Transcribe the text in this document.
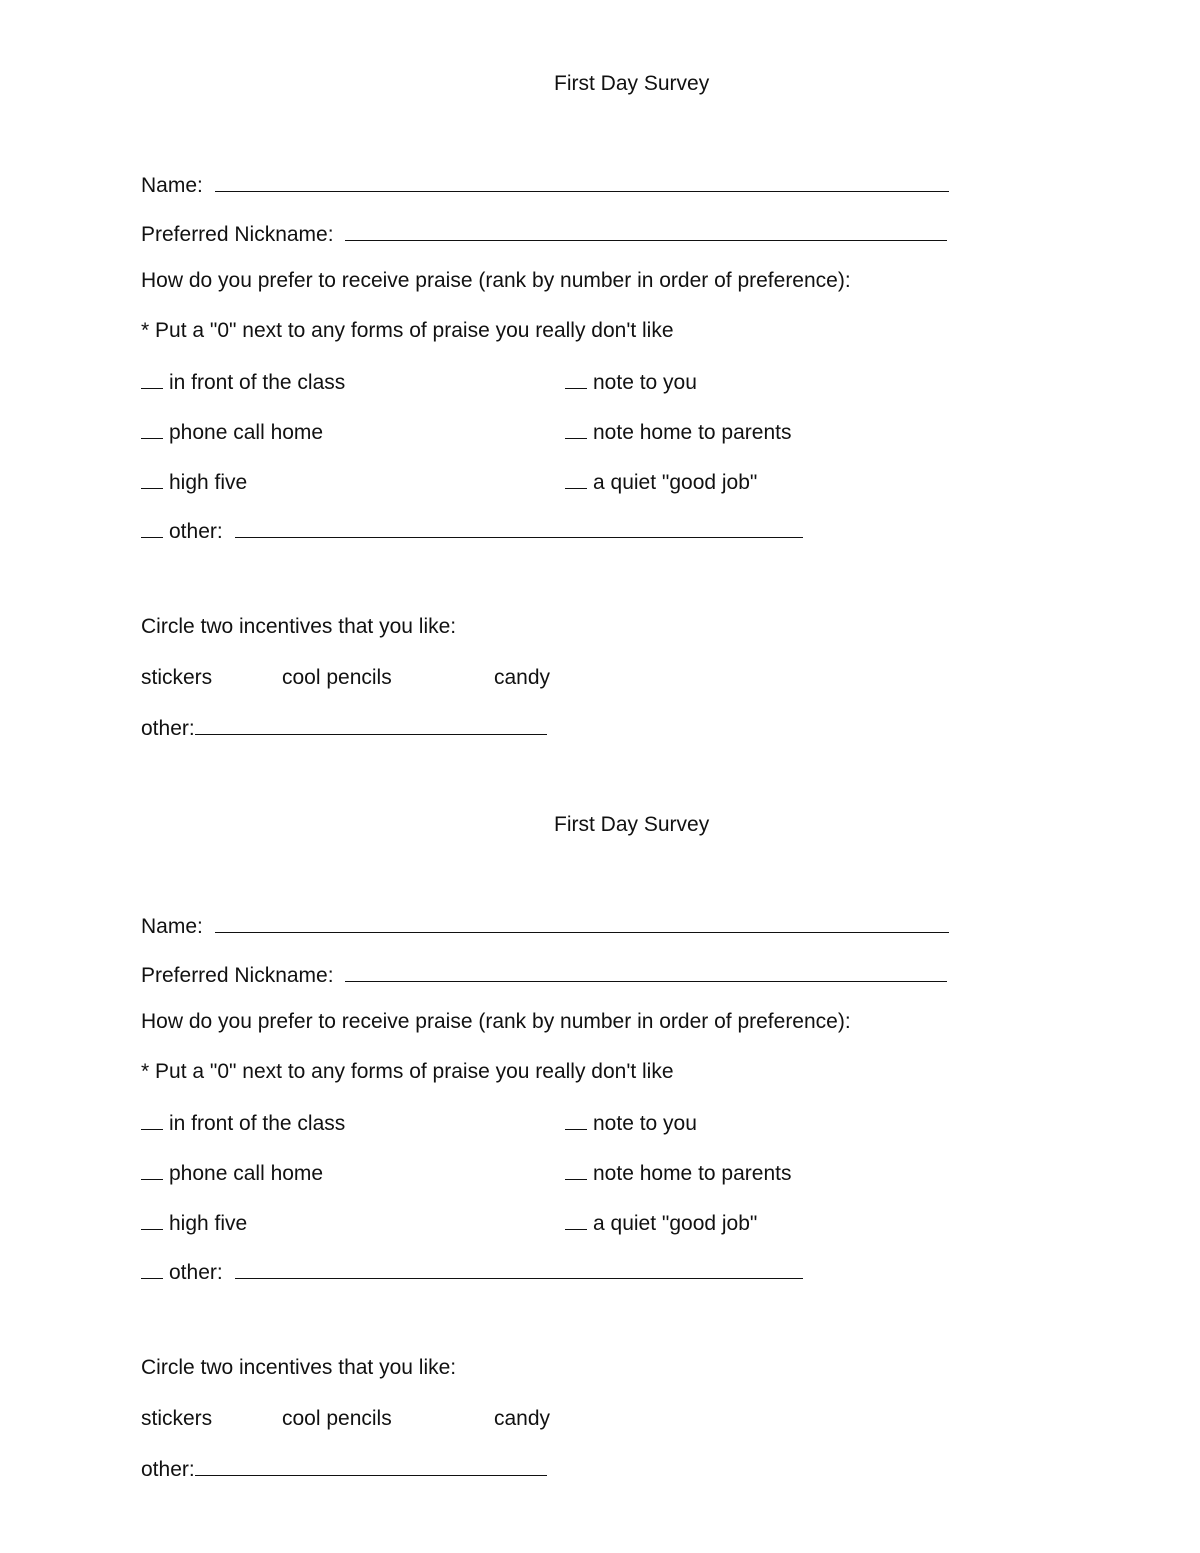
First Day Survey
Name:
Preferred Nickname:
How do you prefer to receive praise (rank by number in order of preference):
* Put a "0" next to any forms of praise you really don't like
in front of the class	note to you
phone call home	note home to parents
high five	a quiet "good job"
other:
Circle two incentives that you like:
stickers	cool pencils	candy
other:
First Day Survey
Name:
Preferred Nickname:
How do you prefer to receive praise (rank by number in order of preference):
* Put a "0" next to any forms of praise you really don't like
in front of the class	note to you
phone call home	note home to parents
high five	a quiet "good job"
other:
Circle two incentives that you like:
stickers	cool pencils	candy
other:
